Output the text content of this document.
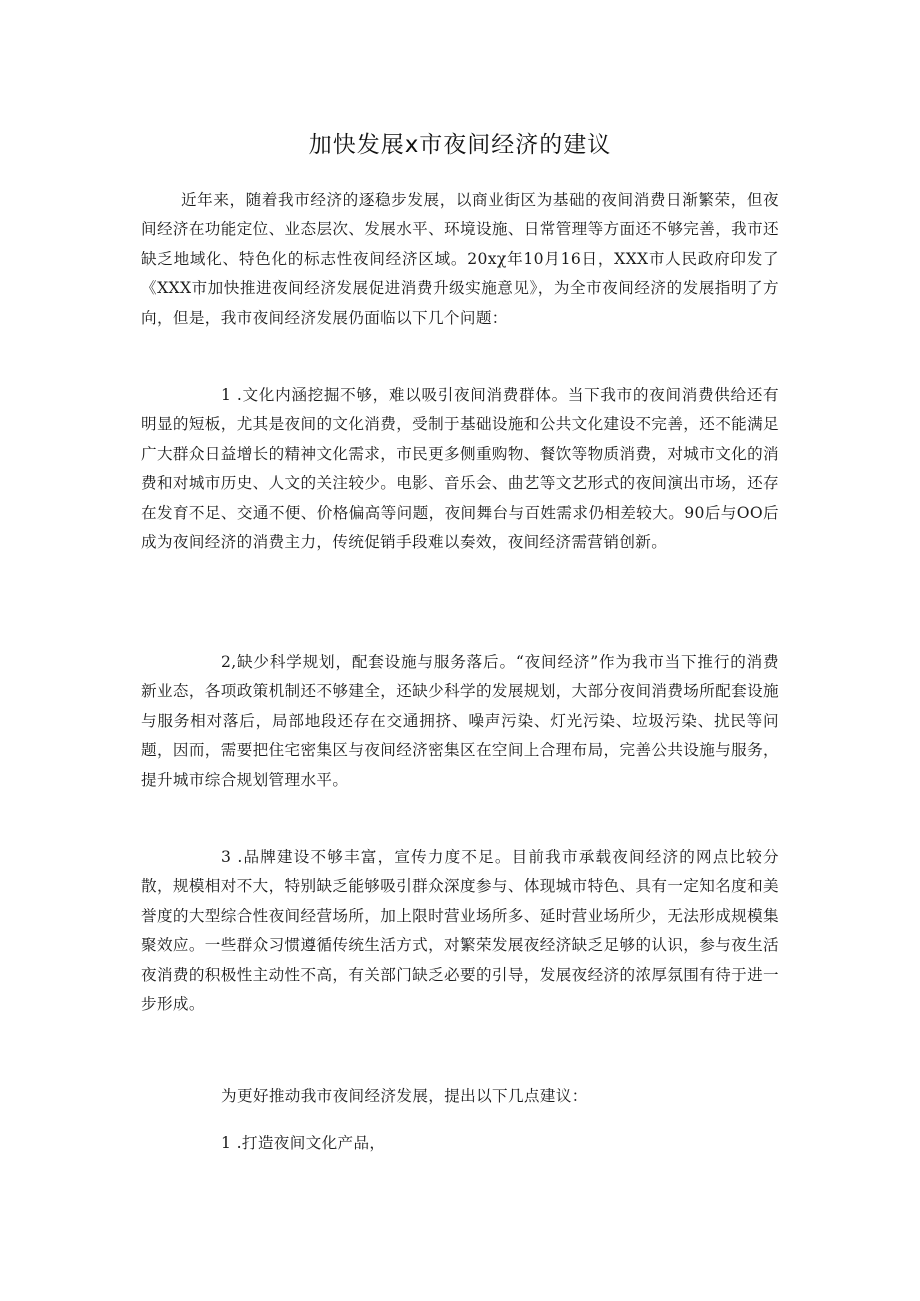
加快发展x市夜间经济的建议

近年来，随着我市经济的逐稳步发展，以商业街区为基础的夜间消费日渐繁荣，但夜间经济在功能定位、业态层次、发展水平、环境设施、日常管理等方面还不够完善，我市还缺乏地域化、特色化的标志性夜间经济区域。20xχ年10月16日，XXX市人民政府印发了《XXX市加快推进夜间经济发展促进消费升级实施意见》，为全市夜间经济的发展指明了方向，但是，我市夜间经济发展仍面临以下几个问题：

1 .文化内涵挖掘不够，难以吸引夜间消费群体。当下我市的夜间消费供给还有明显的短板，尤其是夜间的文化消费，受制于基础设施和公共文化建设不完善，还不能满足广大群众日益增长的精神文化需求，市民更多侧重购物、餐饮等物质消费，对城市文化的消费和对城市历史、人文的关注较少。电影、音乐会、曲艺等文艺形式的夜间演出市场，还存在发育不足、交通不便、价格偏高等问题，夜间舞台与百姓需求仍相差较大。90后与OO后成为夜间经济的消费主力，传统促销手段难以奏效，夜间经济需营销创新。

2,缺少科学规划，配套设施与服务落后。“夜间经济”作为我市当下推行的消费新业态，各项政策机制还不够建全，还缺少科学的发展规划，大部分夜间消费场所配套设施与服务相对落后，局部地段还存在交通拥挤、噪声污染、灯光污染、垃圾污染、扰民等问题，因而，需要把住宅密集区与夜间经济密集区在空间上合理布局，完善公共设施与服务，提升城市综合规划管理水平。

3 .品牌建设不够丰富，宣传力度不足。目前我市承载夜间经济的网点比较分散，规模相对不大，特别缺乏能够吸引群众深度参与、体现城市特色、具有一定知名度和美誉度的大型综合性夜间经营场所，加上限时营业场所多、延时营业场所少，无法形成规模集聚效应。一些群众习惯遵循传统生活方式，对繁荣发展夜经济缺乏足够的认识，参与夜生活夜消费的积极性主动性不高，有关部门缺乏必要的引导，发展夜经济的浓厚氛围有待于进一步形成。

为更好推动我市夜间经济发展，提出以下几点建议：

1 .打造夜间文化产品，
